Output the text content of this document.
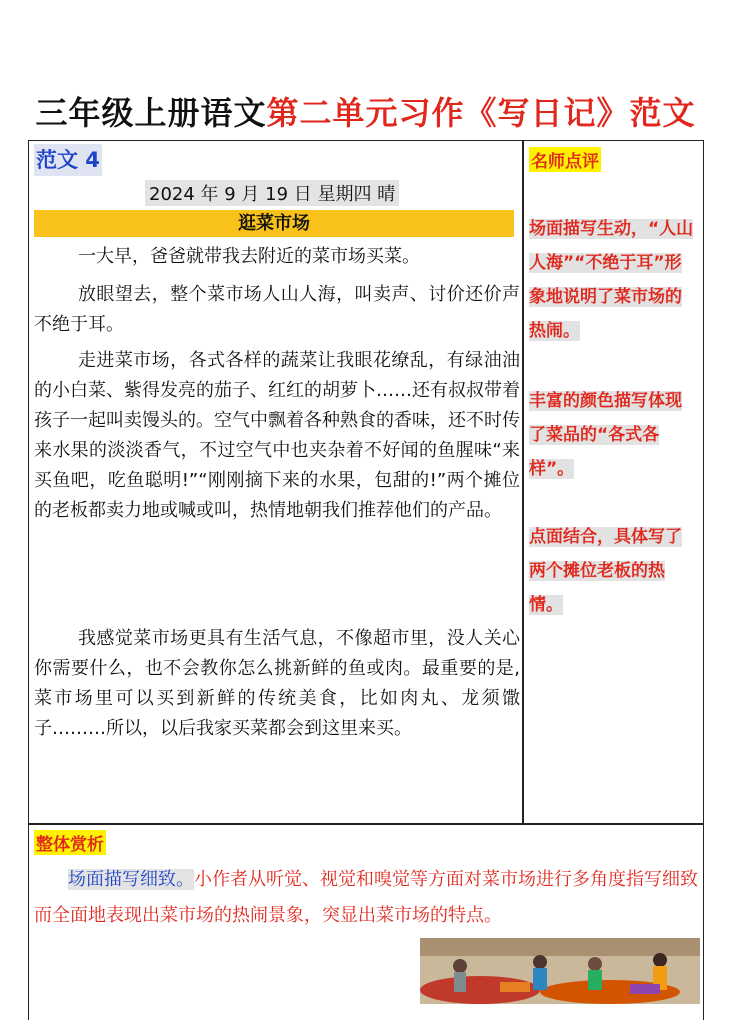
三年级上册语文第二单元习作《写日记》范文
范文 4
2024 年 9 月 19 日 星期四 晴
逛菜市场

一大早，爸爸就带我去附近的菜市场买菜。

放眼望去，整个菜市场人山人海，叫卖声、讨价还价声不绝于耳。

走进菜市场，各式各样的蔬菜让我眼花缭乱，有绿油油的小白菜、紫得发亮的茄子、红红的胡萝卜……还有叔叔带着孩子一起叫卖馒头的。空气中飘着各种熟食的香味，还不时传来水果的淡淡香气，不过空气中也夹杂着不好闻的鱼腥味“来买鱼吧，吃鱼聪明!”“刚刚摘下来的水果，包甜的!”两个摊位的老板都卖力地或喊或叫，热情地朝我们推荐他们的产品。

我感觉菜市场更具有生活气息，不像超市里，没人关心你需要什么，也不会教你怎么挑新鲜的鱼或肉。最重要的是,菜市场里可以买到新鲜的传统美食，比如肉丸、龙须馓子………所以，以后我家买菜都会到这里来买。

名师点评

场面描写生动，“人山人海”“不绝于耳”形象地说明了菜市场的热闹。

丰富的颜色描写体现了菜品的“各式各样”。

点面结合，具体写了两个摊位老板的热情。

整体赏析

场面描写细致。小作者从听觉、视觉和嗅觉等方面对菜市场进行多角度指写细致而全面地表现出菜市场的热闹景象，突显出菜市场的特点。
